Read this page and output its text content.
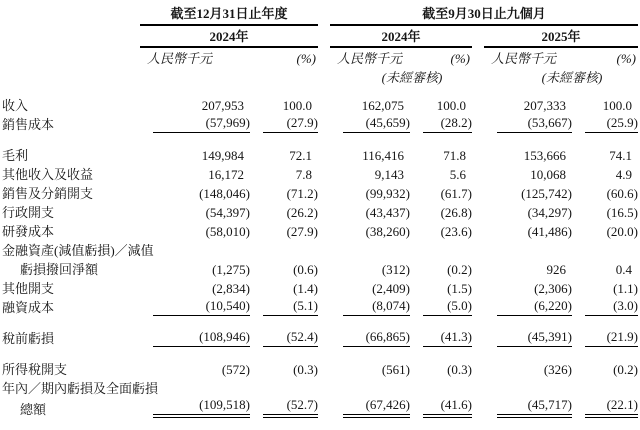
	截至12月31日止年度			截至9月30日止九個月				
	2024年			2024年			2025年	
	人民幣千元	(%)		人民幣千元	(%)		人民幣千元	(%)
				(未經審核)			(未經審核)	
收入	207,953	100.0		162,075	100.0		207,333	100.0

銷售成本	(57,969)	(27.9)		(45,659)	(28.2)		(53,667)	(25.9)

毛利	149,984	72.1		116,416	71.8		153,666	74.1

其他收入及收益	16,172	7.8		9,143	5.6		10,068	4.9

銷售及分銷開支	(148,046)	(71.2)		(99,932)	(61.7)		(125,742)	(60.6)

行政開支	(54,397)	(26.2)		(43,437)	(26.8)		(34,297)	(16.5)

研發成本	(58,010)	(27.9)		(38,260)	(23.6)		(41,486)	(20.0)

金融資產(減值虧損)／減值	

虧損撥回淨額	(1,275)	(0.6)		(312)	(0.2)		926	0.4

其他開支	(2,834)	(1.4)		(2,409)	(1.5)		(2,306)	(1.1)

融資成本	(10,540)	(5.1)		(8,074)	(5.0)		(6,220)	(3.0)

稅前虧損	(108,946)	(52.4)		(66,865)	(41.3)		(45,391)	(21.9)

所得稅開支	(572)	(0.3)		(561)	(0.3)		(326)	(0.2)

年內／期內虧損及全面虧損	

總額	(109,518)	(52.7)		(67,426)	(41.6)		(45,717)	(22.1)
